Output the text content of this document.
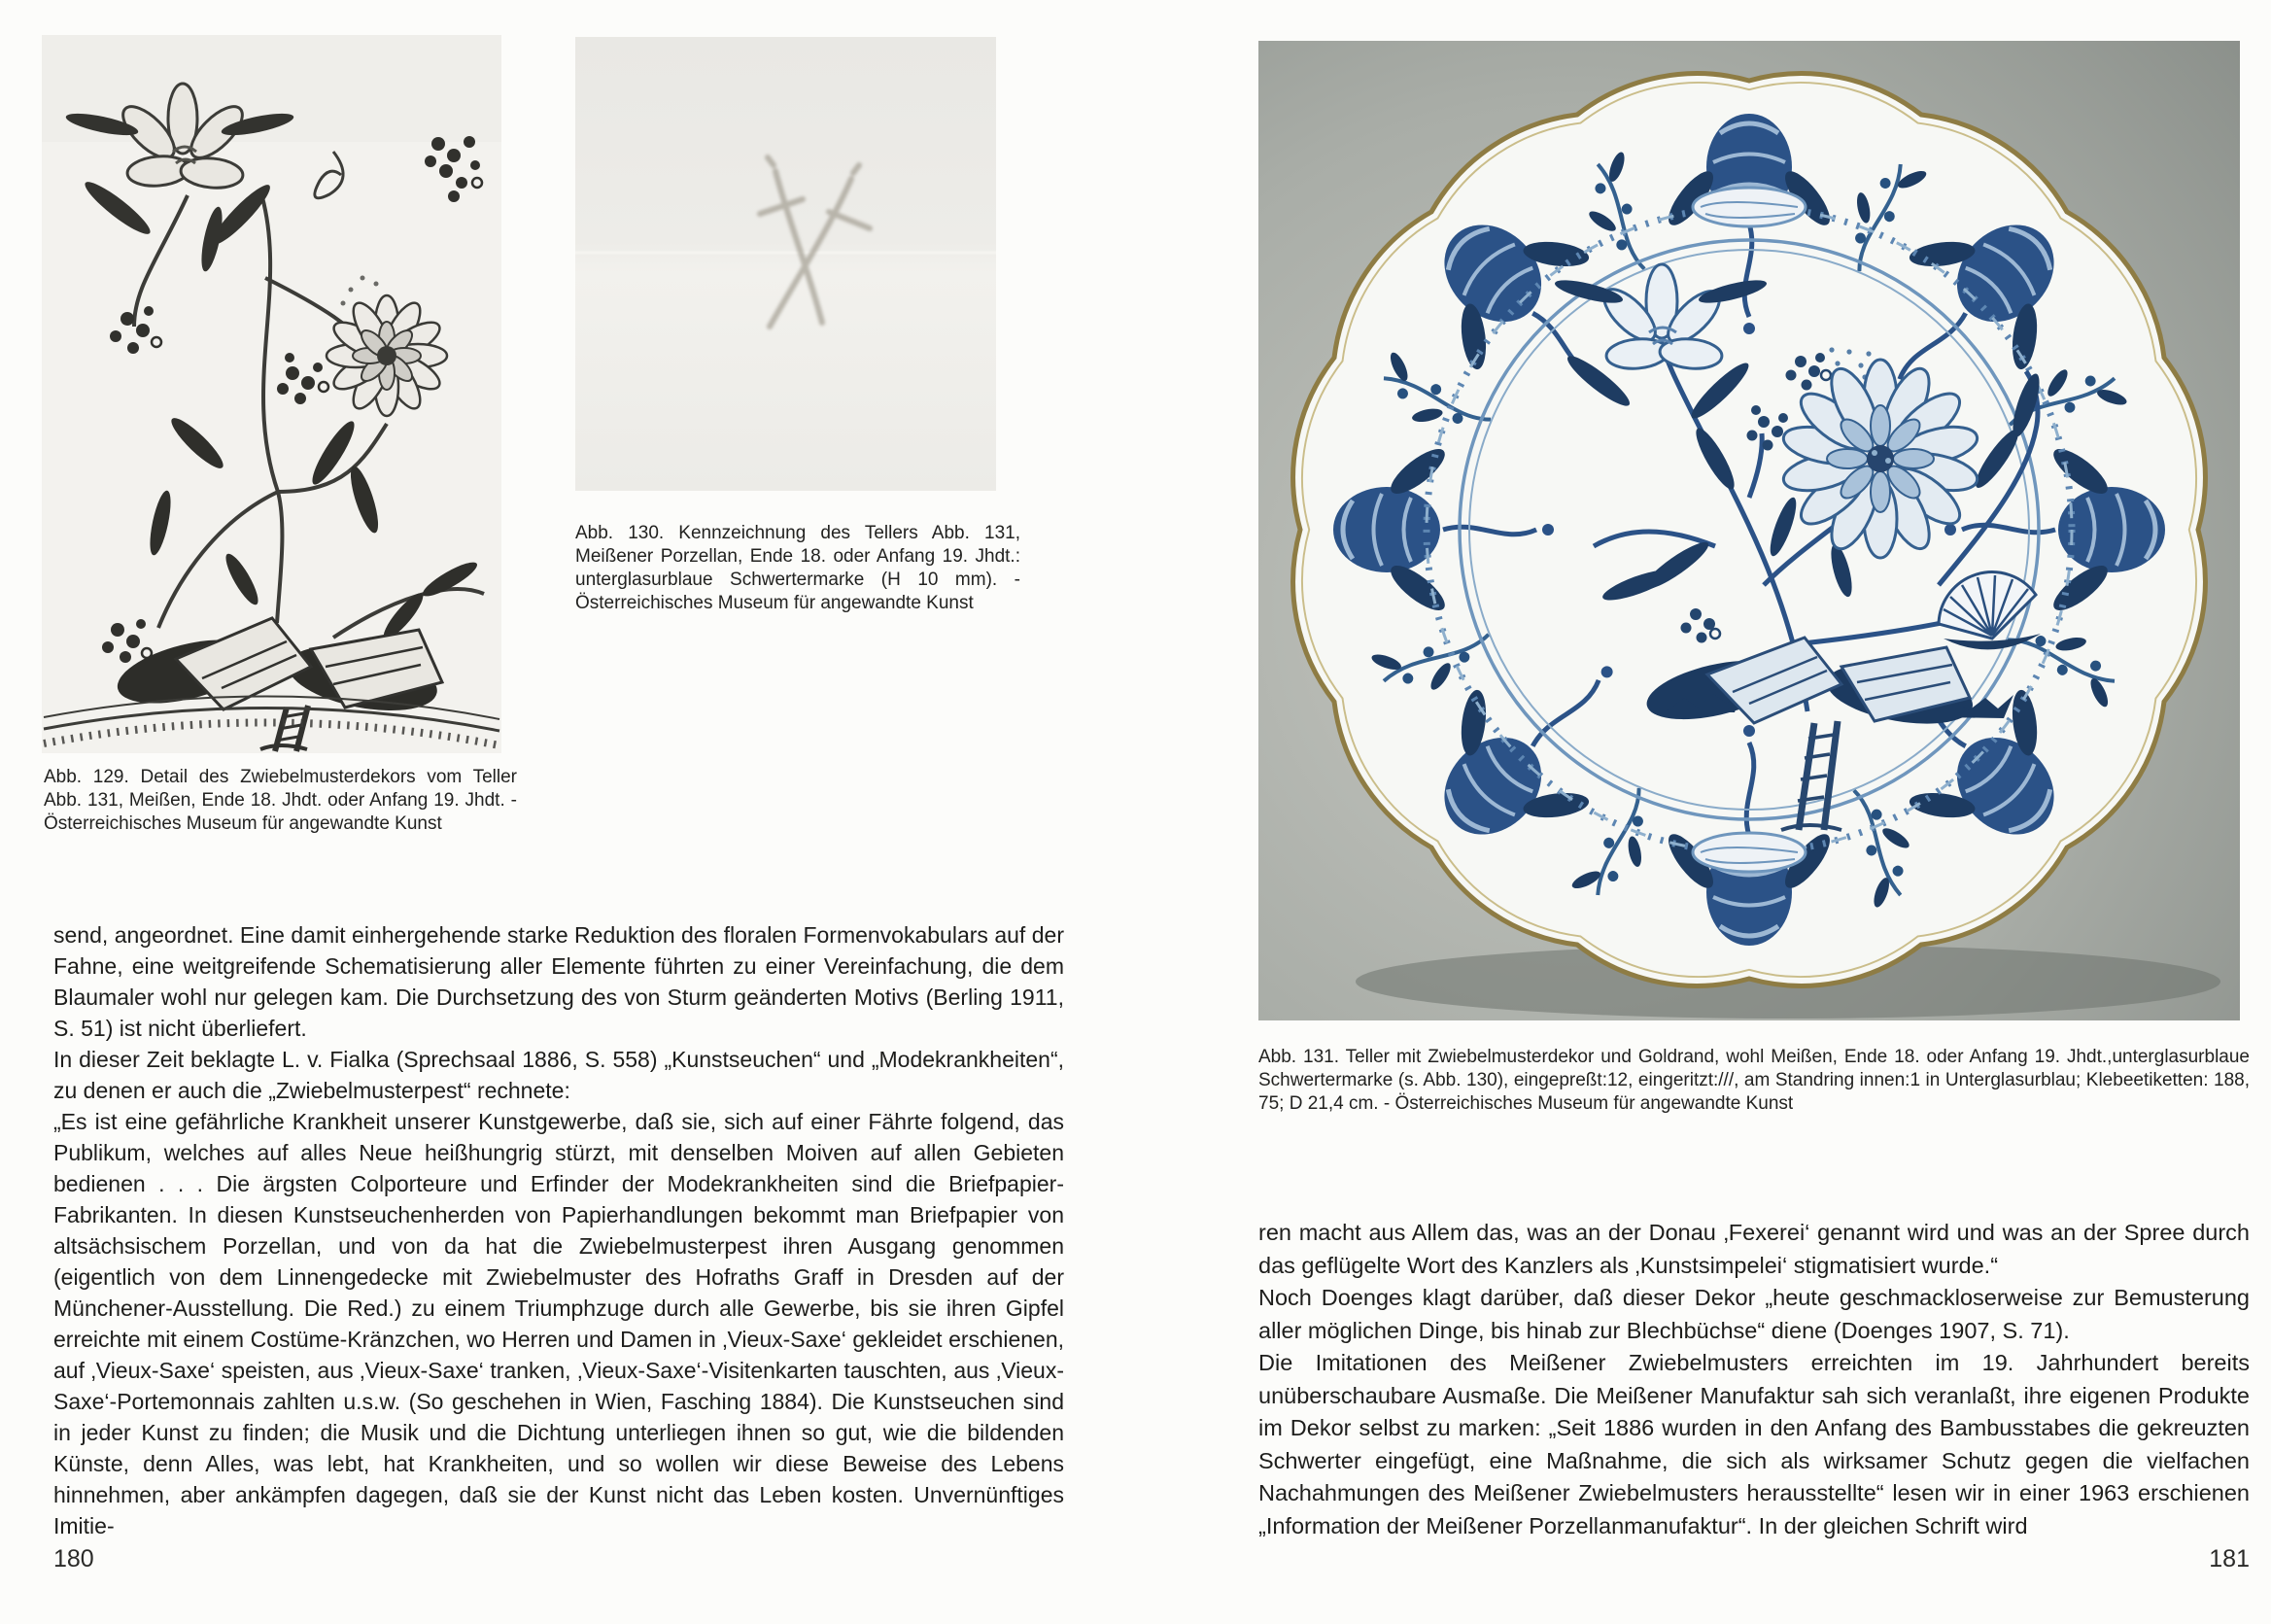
Abb. 129. Detail des Zwiebelmusterdekors vom Teller Abb. 131, Meißen, Ende 18. Jhdt. oder Anfang 19. Jhdt. - Österreichisches Museum für angewandte Kunst
Abb. 130. Kennzeichnung des Tellers Abb. 131, Meißener Porzellan, Ende 18. oder Anfang 19. Jhdt.: unterglasurblaue Schwertermarke (H 10 mm). - Österreichisches Museum für angewandte Kunst

send, angeordnet. Eine damit einhergehende starke Reduktion des floralen Formenvokabulars auf der Fahne, eine weitgreifende Schematisierung aller Elemente führten zu einer Vereinfachung, die dem Blaumaler wohl nur gelegen kam. Die Durchsetzung des von Sturm geänderten Motivs (Berling 1911, S. 51) ist nicht überliefert.

In dieser Zeit beklagte L. v. Fialka (Sprechsaal 1886, S. 558) „Kunstseuchen“ und „Modekrankheiten“, zu denen er auch die „Zwiebelmusterpest“ rechnete:

„Es ist eine gefährliche Krankheit unserer Kunstgewerbe, daß sie, sich auf einer Fährte folgend, das Publikum, welches auf alles Neue heißhungrig stürzt, mit denselben Moiven auf allen Gebieten bedienen . . . Die ärgsten Colporteure und Erfinder der Modekrankheiten sind die Briefpapier-Fabrikanten. In diesen Kunstseuchenherden von Papierhandlungen bekommt man Briefpapier von altsächsischem Porzellan, und von da hat die Zwiebelmusterpest ihren Ausgang genommen (eigentlich von dem Linnengedecke mit Zwiebelmuster des Hofraths Graff in Dresden auf der Münchener-Ausstellung. Die Red.) zu einem Triumphzuge durch alle Gewerbe, bis sie ihren Gipfel erreichte mit einem Costüme-Kränzchen, wo Herren und Damen in ‚Vieux-Saxe‘ gekleidet erschienen, auf ‚Vieux-Saxe‘ speisten, aus ‚Vieux-Saxe‘ tranken, ‚Vieux-Saxe‘-Visitenkarten tauschten, aus ‚Vieux-Saxe‘-Portemonnais zahlten u.s.w. (So geschehen in Wien, Fasching 1884). Die Kunstseuchen sind in jeder Kunst zu finden; die Musik und die Dichtung unterliegen ihnen so gut, wie die bildenden Künste, denn Alles, was lebt, hat Krankheiten, und so wollen wir diese Beweise des Lebens hinnehmen, aber ankämpfen dagegen, daß sie der Kunst nicht das Leben kosten. Unvernünftiges Imitie-

180
Abb. 131. Teller mit Zwiebelmusterdekor und Goldrand, wohl Meißen, Ende 18. oder Anfang 19. Jhdt.,unterglasurblaue Schwertermarke (s. Abb. 130), eingepreßt:12, eingeritzt:///, am Standring innen:1 in Unterglasurblau; Klebeetiketten: 188, 75; D 21,4 cm. - Österreichisches Museum für angewandte Kunst

ren macht aus Allem das, was an der Donau ‚Fexerei‘ genannt wird und was an der Spree durch das geflügelte Wort des Kanzlers als ‚Kunstsimpelei‘ stigmatisiert wurde.“

Noch Doenges klagt darüber, daß dieser Dekor „heute geschmackloserweise zur Bemusterung aller möglichen Dinge, bis hinab zur Blechbüchse“ diene (Doenges 1907, S. 71).

Die Imitationen des Meißener Zwiebelmusters erreichten im 19. Jahrhundert bereits unüberschaubare Ausmaße. Die Meißener Manufaktur sah sich veranlaßt, ihre eigenen Produkte im Dekor selbst zu marken: „Seit 1886 wurden in den Anfang des Bambusstabes die gekreuzten Schwerter eingefügt, eine Maßnahme, die sich als wirksamer Schutz gegen die vielfachen Nachahmungen des Meißener Zwiebelmusters herausstellte“ lesen wir in einer 1963 erschienen „Information der Meißener Porzellanmanufaktur“. In der gleichen Schrift wird

181
